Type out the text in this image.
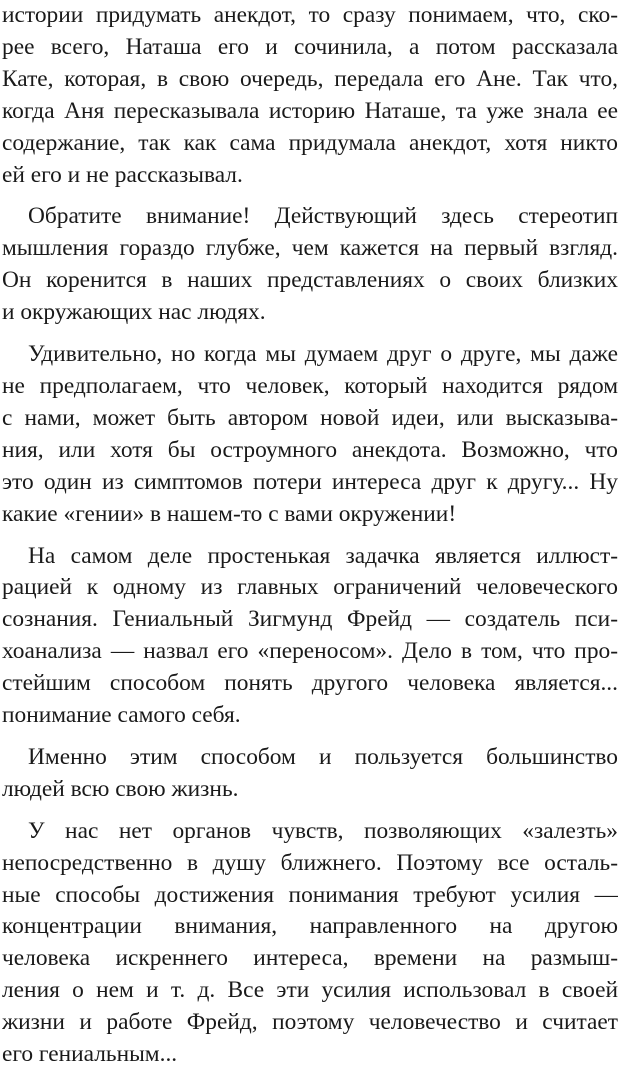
истории придумать анекдот, то сразу понимаем, что, ско-
рее всего, Наташа его и сочинила, а потом рассказала
Кате, которая, в свою очередь, передала его Ане. Так что,
когда Аня пересказывала историю Наташе, та уже знала ее
содержание, так как сама придумала анекдот, хотя никто
ей его и не рассказывал.

Обратите внимание! Действующий здесь стереотип
мышления гораздо глубже, чем кажется на первый взгляд.
Он коренится в наших представлениях о своих близких
и окружающих нас людях.

Удивительно, но когда мы думаем друг о друге, мы даже
не предполагаем, что человек, который находится рядом
с нами, может быть автором новой идеи, или высказыва-
ния, или хотя бы остроумного анекдота. Возможно, что
это один из симптомов потери интереса друг к другу... Ну
какие «гении» в нашем-то с вами окружении!

На самом деле простенькая задачка является иллюст-
рацией к одному из главных ограничений человеческого
сознания. Гениальный Зигмунд Фрейд — создатель пси-
хоанализа — назвал его «переносом». Дело в том, что про-
стейшим способом понять другого человека является...
понимание самого себя.

Именно этим способом и пользуется большинство
людей всю свою жизнь.

У нас нет органов чувств, позволяющих «залезть»
непосредственно в душу ближнего. Поэтому все осталь-
ные способы достижения понимания требуют усилия —
концентрации внимания, направленного на другою
человека искреннего интереса, времени на размыш-
ления о нем и т. д. Все эти усилия использовал в своей
жизни и работе Фрейд, поэтому человечество и считает
его гениальным...
